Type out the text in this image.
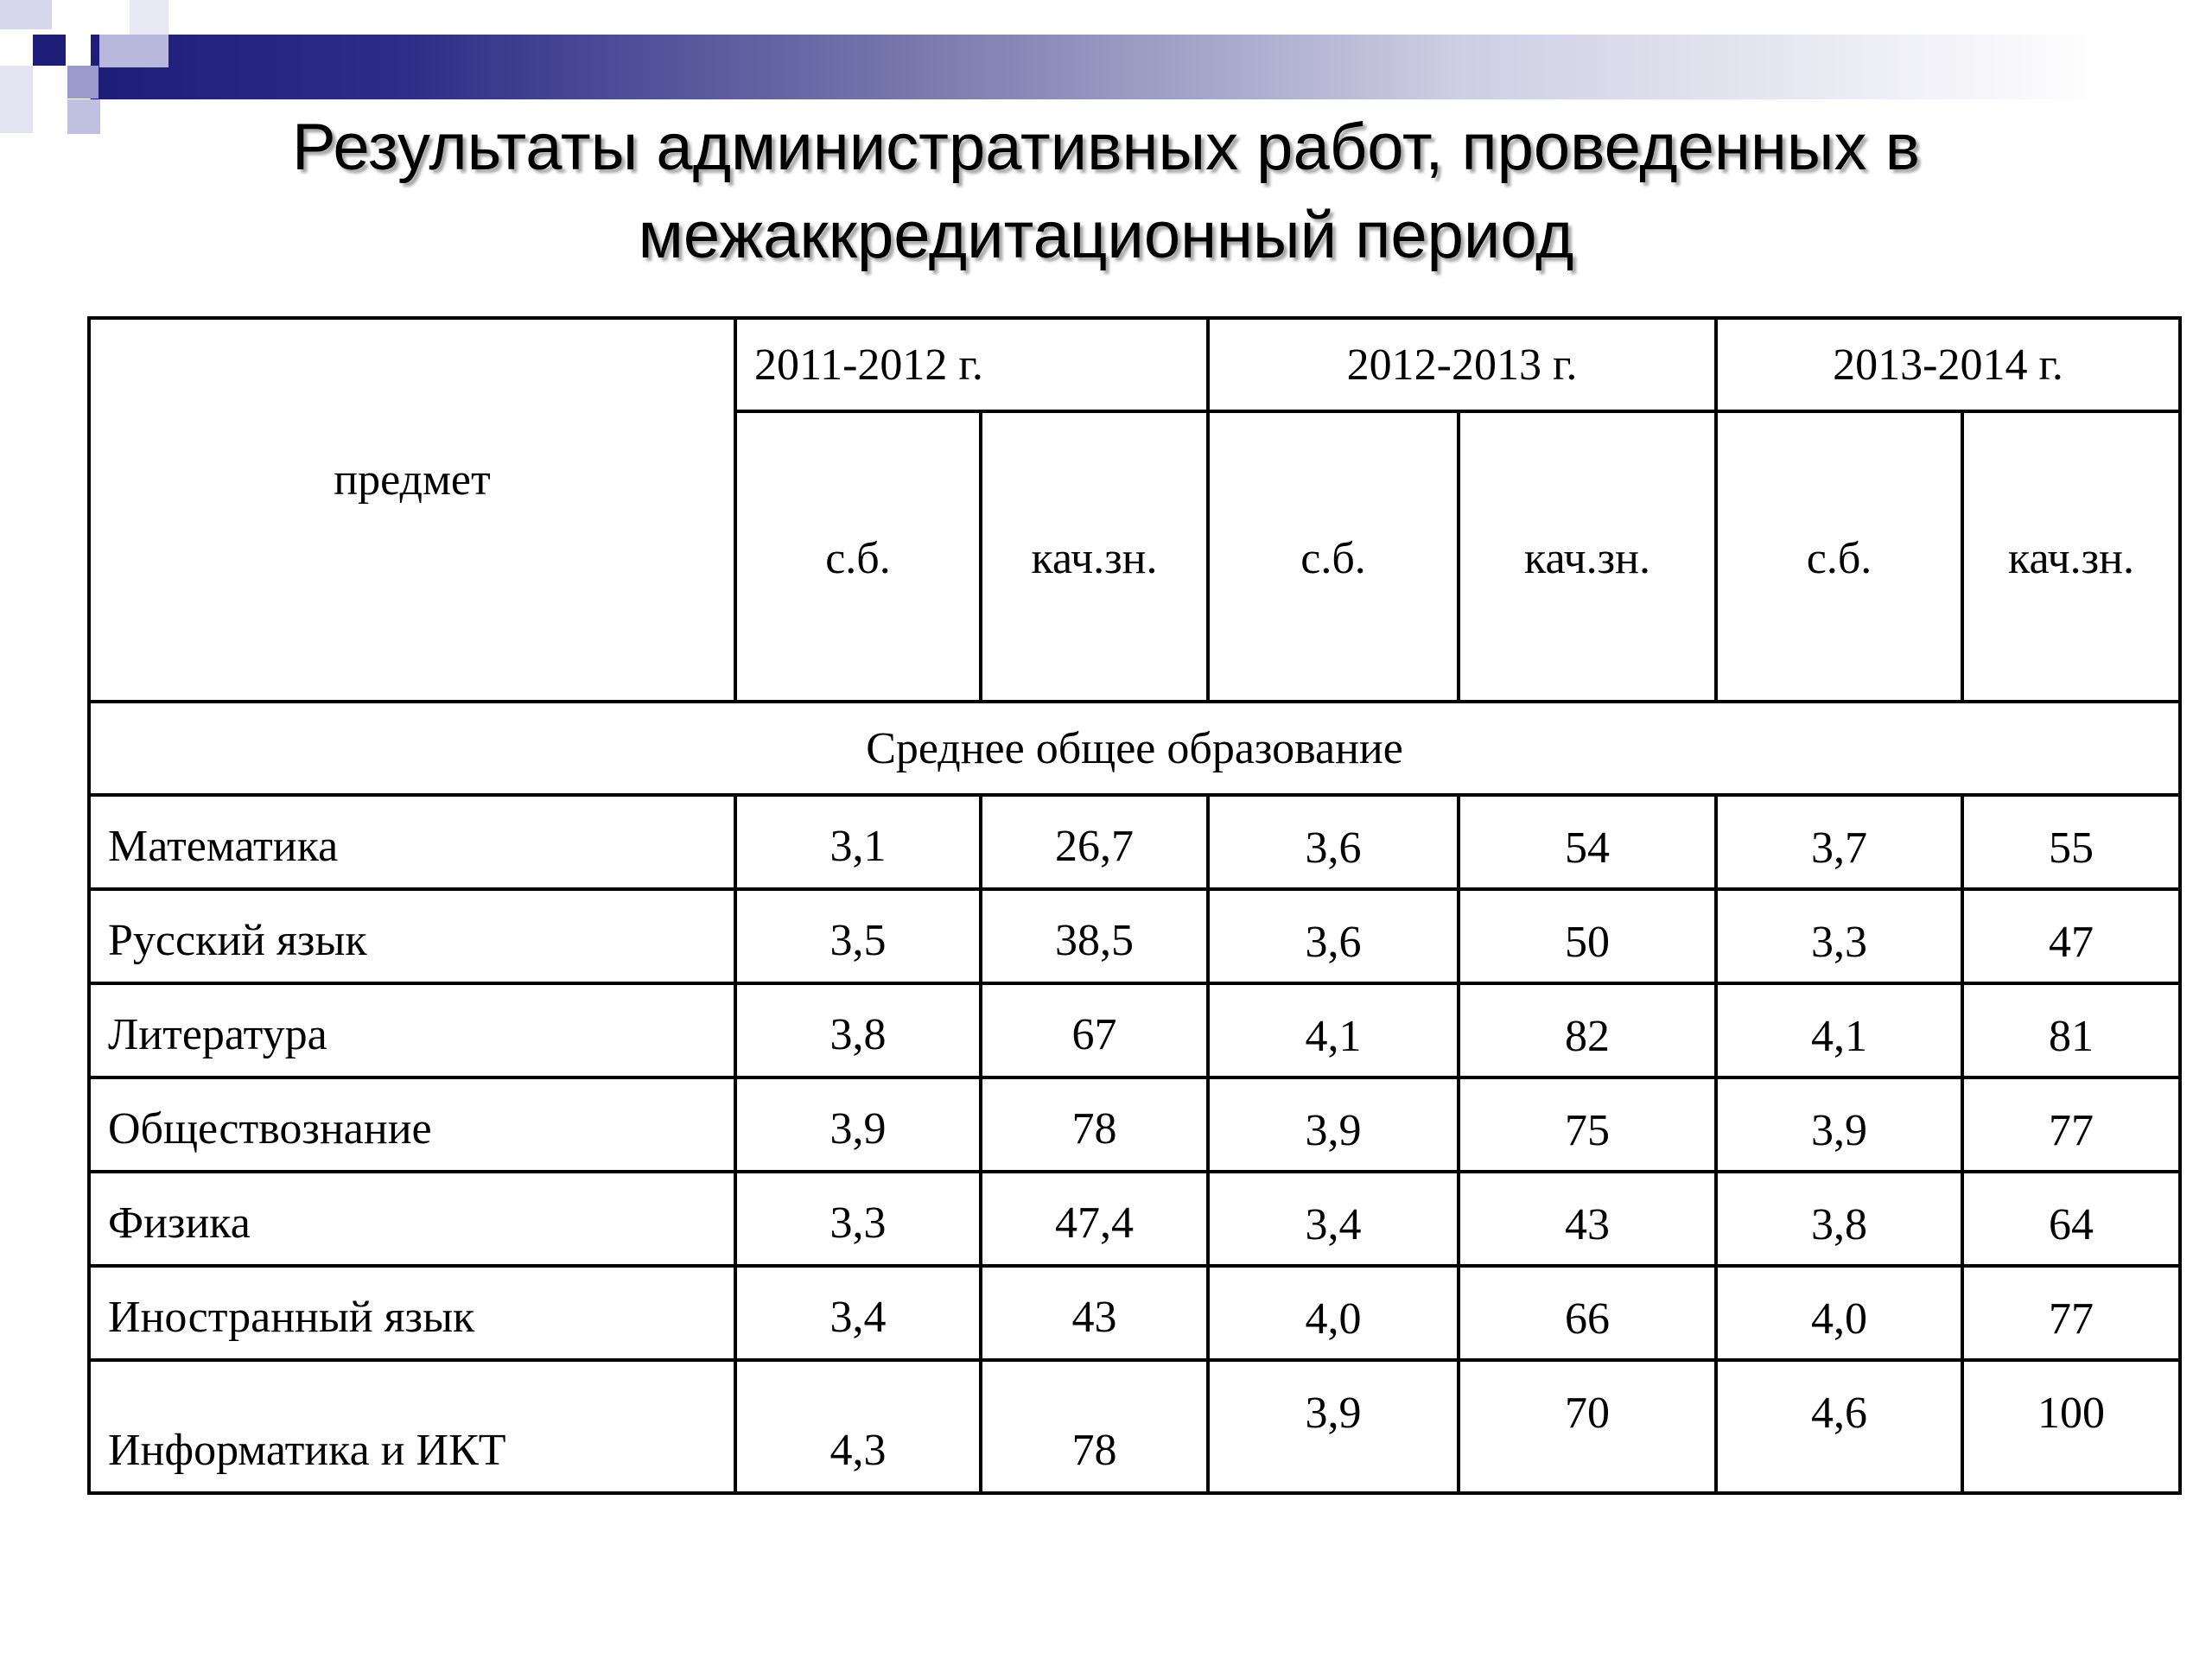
Результаты административных работ, проведенных в межаккредитационный период
предмет	2011-2012 г.		2012-2013 г.		2013-2014 г.	
	с.б.	кач.зн.	с.б.	кач.зн.	с.б.	кач.зн.
Среднее общее образование						
Математика	3,1	26,7	3,6	54	3,7	55
Русский язык	3,5	38,5	3,6	50	3,3	47
Литература	3,8	67	4,1	82	4,1	81
Обществознание	3,9	78	3,9	75	3,9	77
Физика	3,3	47,4	3,4	43	3,8	64
Иностранный язык	3,4	43	4,0	66	4,0	77
Информатика и ИКТ	4,3	78	3,9	70	4,6	100
